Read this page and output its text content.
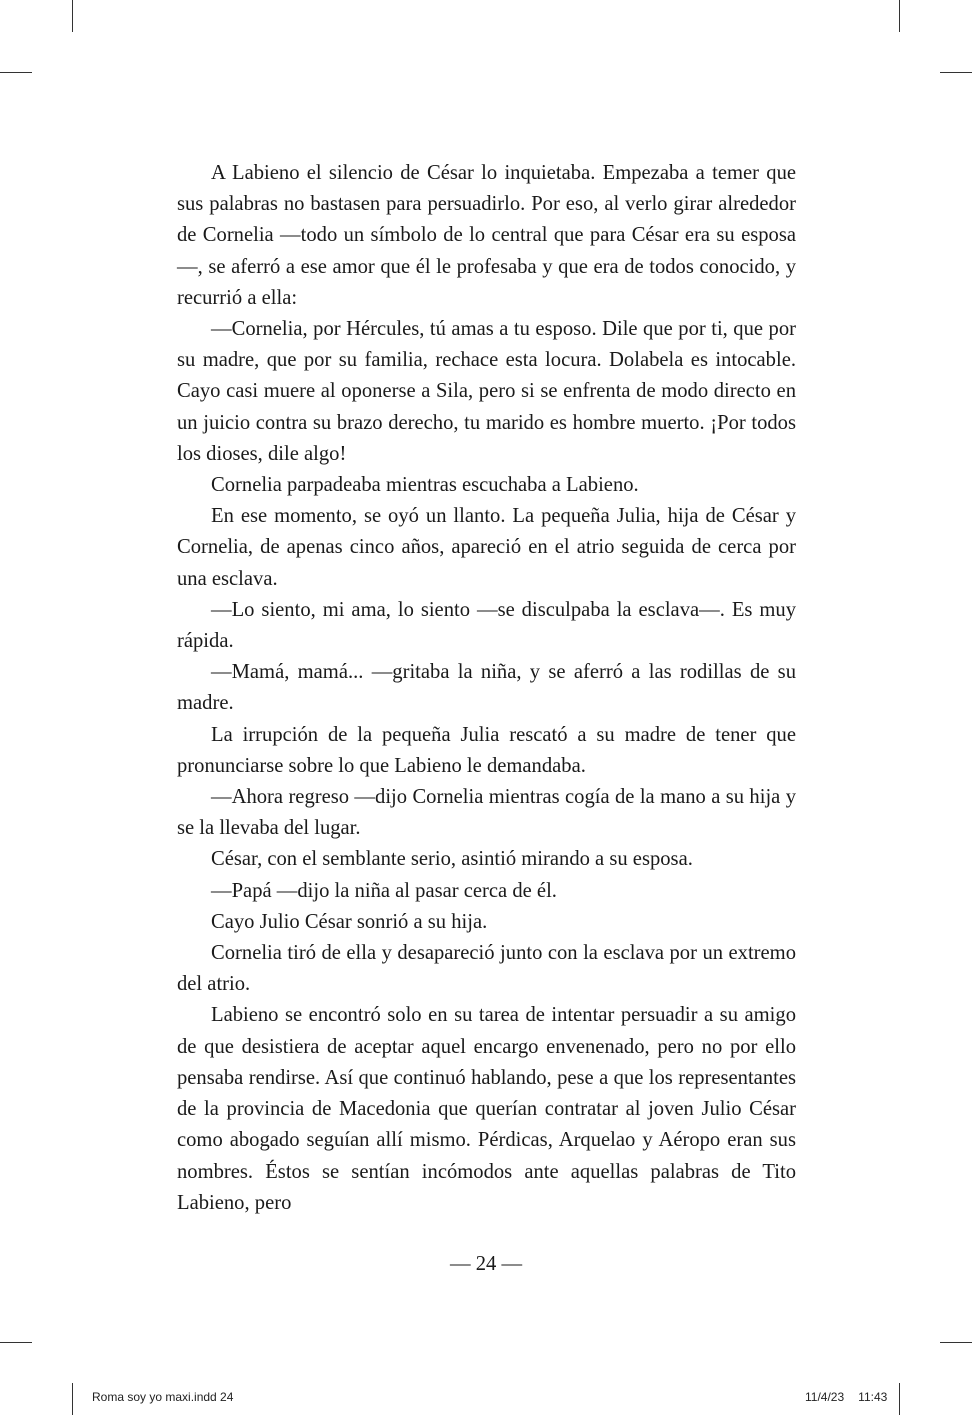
A Labieno el silencio de César lo inquietaba. Empezaba a temer que sus palabras no bastasen para persuadirlo. Por eso, al verlo girar alrededor de Cornelia —todo un símbolo de lo central que para César era su esposa—, se aferró a ese amor que él le profesaba y que era de todos conocido, y recurrió a ella:

—Cornelia, por Hércules, tú amas a tu esposo. Dile que por ti, que por su madre, que por su familia, rechace esta locura. Dolabela es intocable. Cayo casi muere al oponerse a Sila, pero si se enfrenta de modo directo en un juicio contra su brazo derecho, tu marido es hombre muerto. ¡Por todos los dioses, dile algo!

Cornelia parpadeaba mientras escuchaba a Labieno.

En ese momento, se oyó un llanto. La pequeña Julia, hija de César y Cornelia, de apenas cinco años, apareció en el atrio seguida de cerca por una esclava.

—Lo siento, mi ama, lo siento —se disculpaba la esclava—. Es muy rápida.

—Mamá, mamá... —gritaba la niña, y se aferró a las rodillas de su madre.

La irrupción de la pequeña Julia rescató a su madre de tener que pronunciarse sobre lo que Labieno le demandaba.

—Ahora regreso —dijo Cornelia mientras cogía de la mano a su hija y se la llevaba del lugar.

César, con el semblante serio, asintió mirando a su esposa.

—Papá —dijo la niña al pasar cerca de él.

Cayo Julio César sonrió a su hija.

Cornelia tiró de ella y desapareció junto con la esclava por un extremo del atrio.

Labieno se encontró solo en su tarea de intentar persuadir a su amigo de que desistiera de aceptar aquel encargo envenenado, pero no por ello pensaba rendirse. Así que continuó hablando, pese a que los representantes de la provincia de Macedonia que querían contratar al joven Julio César como abogado seguían allí mismo. Pérdicas, Arquelao y Aéropo eran sus nombres. Éstos se sentían incómodos ante aquellas palabras de Tito Labieno, pero

— 24 —
Roma soy yo maxi.indd 24	11/4/23 11:43
